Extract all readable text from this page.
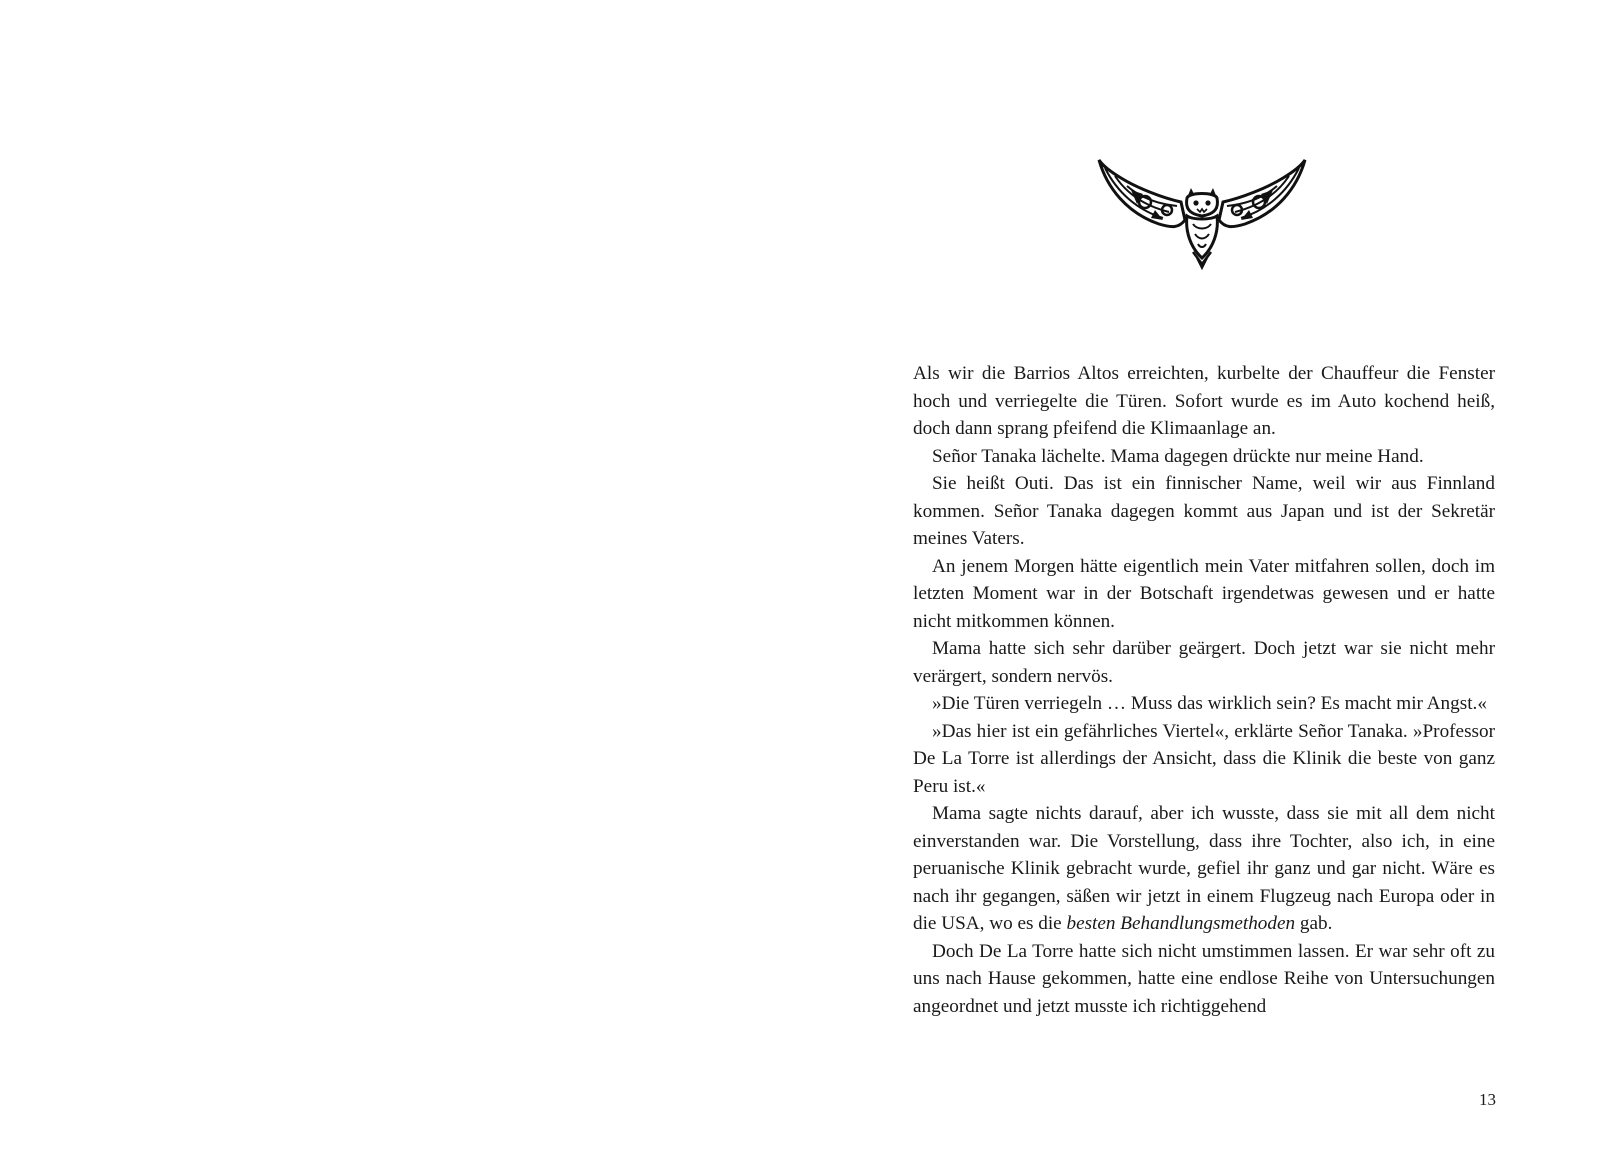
Als wir die Barrios Altos erreichten, kurbelte der Chauffeur die Fenster hoch und verriegelte die Türen. Sofort wurde es im Auto kochend heiß, doch dann sprang pfeifend die Klimaanlage an.

Señor Tanaka lächelte. Mama dagegen drückte nur meine Hand.

Sie heißt Outi. Das ist ein finnischer Name, weil wir aus Finnland kommen. Señor Tanaka dagegen kommt aus Japan und ist der Sekretär meines Vaters.

An jenem Morgen hätte eigentlich mein Vater mitfahren sollen, doch im letzten Moment war in der Botschaft irgendetwas gewesen und er hatte nicht mitkommen können.

Mama hatte sich sehr darüber geärgert. Doch jetzt war sie nicht mehr verärgert, sondern nervös.

»Die Türen verriegeln … Muss das wirklich sein? Es macht mir Angst.«

»Das hier ist ein gefährliches Viertel«, erklärte Señor Tanaka. »Professor De La Torre ist allerdings der Ansicht, dass die Klinik die beste von ganz Peru ist.«

Mama sagte nichts darauf, aber ich wusste, dass sie mit all dem nicht einverstanden war. Die Vorstellung, dass ihre Tochter, also ich, in eine peruanische Klinik gebracht wurde, gefiel ihr ganz und gar nicht. Wäre es nach ihr gegangen, säßen wir jetzt in einem Flugzeug nach Europa oder in die USA, wo es die besten Behandlungsmethoden gab.

Doch De La Torre hatte sich nicht umstimmen lassen. Er war sehr oft zu uns nach Hause gekommen, hatte eine endlose Reihe von Untersuchungen angeordnet und jetzt musste ich richtiggehend

13
